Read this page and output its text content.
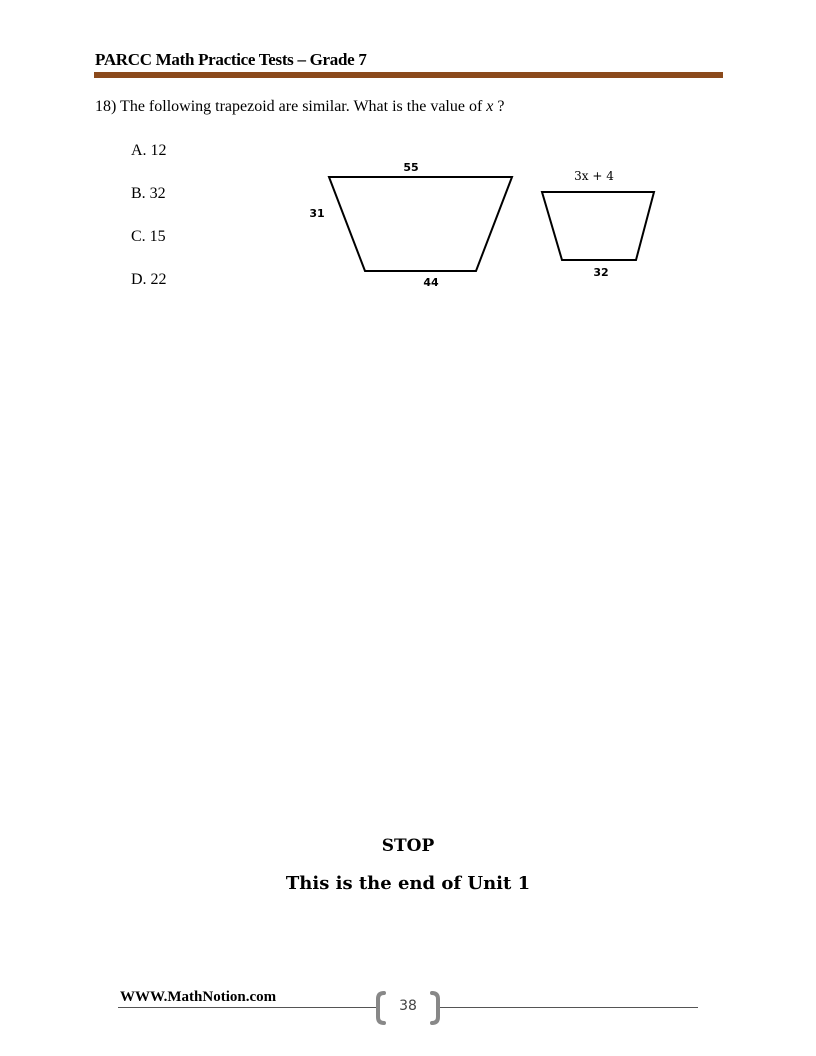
PARCC Math Practice Tests – Grade 7
18) The following trapezoid are similar. What is the value of x ?
A. 12
B. 32
C. 15
D. 22
55
31
44
3x + 4
32
STOP
This is the end of Unit 1
WWW.MathNotion.com
38
